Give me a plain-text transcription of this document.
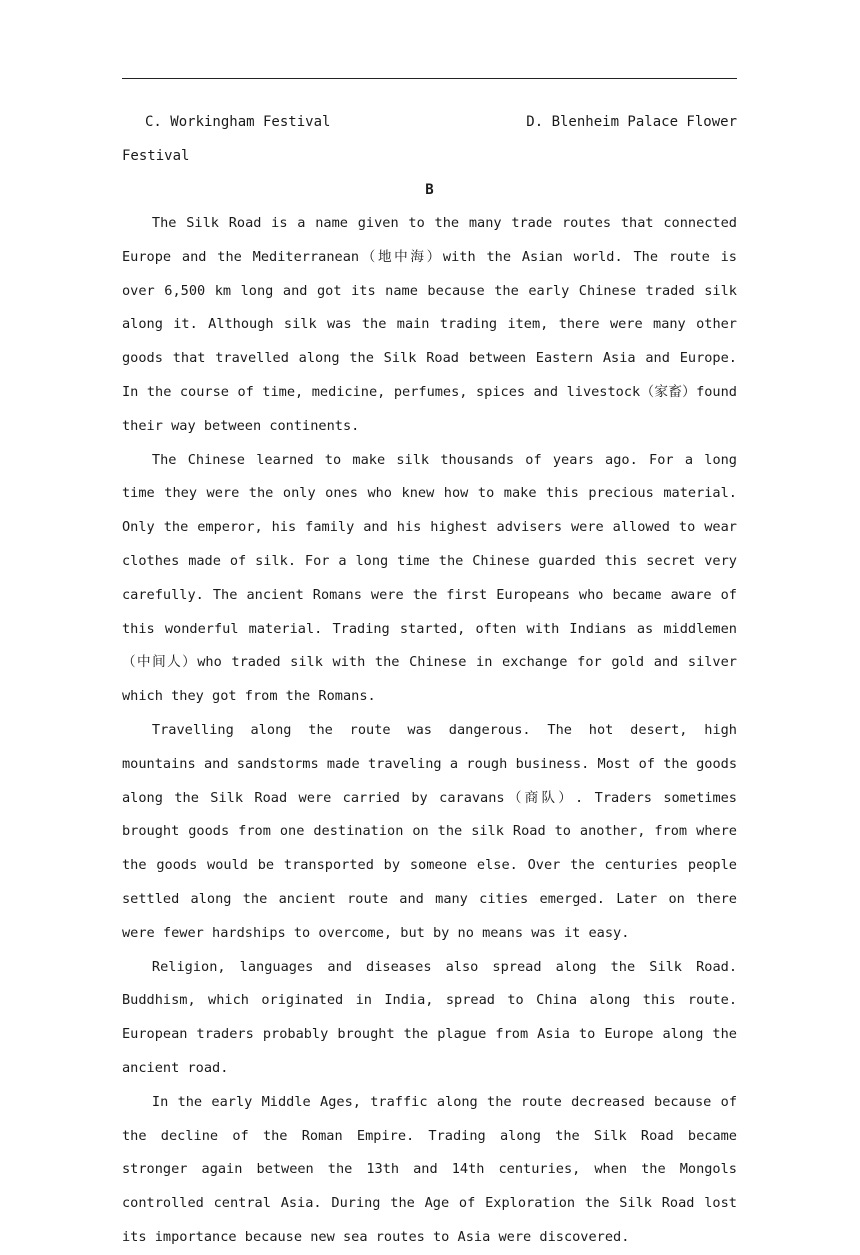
C. Workingham Festival	D. Blenheim Palace Flower
Festival
B

The Silk Road is a name given to the many trade routes that connected Europe and the Mediterranean（地中海）with the Asian world. The route is over 6,500 km long and got its name because the early Chinese traded silk along it. Although silk was the main trading item, there were many other goods that travelled along the Silk Road between Eastern Asia and Europe. In the course of time, medicine, perfumes, spices and livestock（家畜）found their way between continents.

The Chinese learned to make silk thousands of years ago. For a long time they were the only ones who knew how to make this precious material. Only the emperor, his family and his highest advisers were allowed to wear clothes made of silk. For a long time the Chinese guarded this secret very carefully. The ancient Romans were the first Europeans who became aware of this wonderful material. Trading started, often with Indians as middlemen（中间人）who traded silk with the Chinese in exchange for gold and silver which they got from the Romans.

Travelling along the route was dangerous. The hot desert, high mountains and sandstorms made traveling a rough business. Most of the goods along the Silk Road were carried by caravans（商队）. Traders sometimes brought goods from one destination on the silk Road to another, from where the goods would be transported by someone else. Over the centuries people settled along the ancient route and many cities emerged. Later on there were fewer hardships to overcome, but by no means was it easy.

Religion, languages and diseases also spread along the Silk Road. Buddhism, which originated in India, spread to China along this route. European traders probably brought the plague from Asia to Europe along the ancient road.

In the early Middle Ages, traffic along the route decreased because of the decline of the Roman Empire. Trading along the Silk Road became stronger again between the 13th and 14th centuries, when the Mongols controlled central Asia. During the Age of Exploration the Silk Road lost its importance because new sea routes to Asia were discovered.
